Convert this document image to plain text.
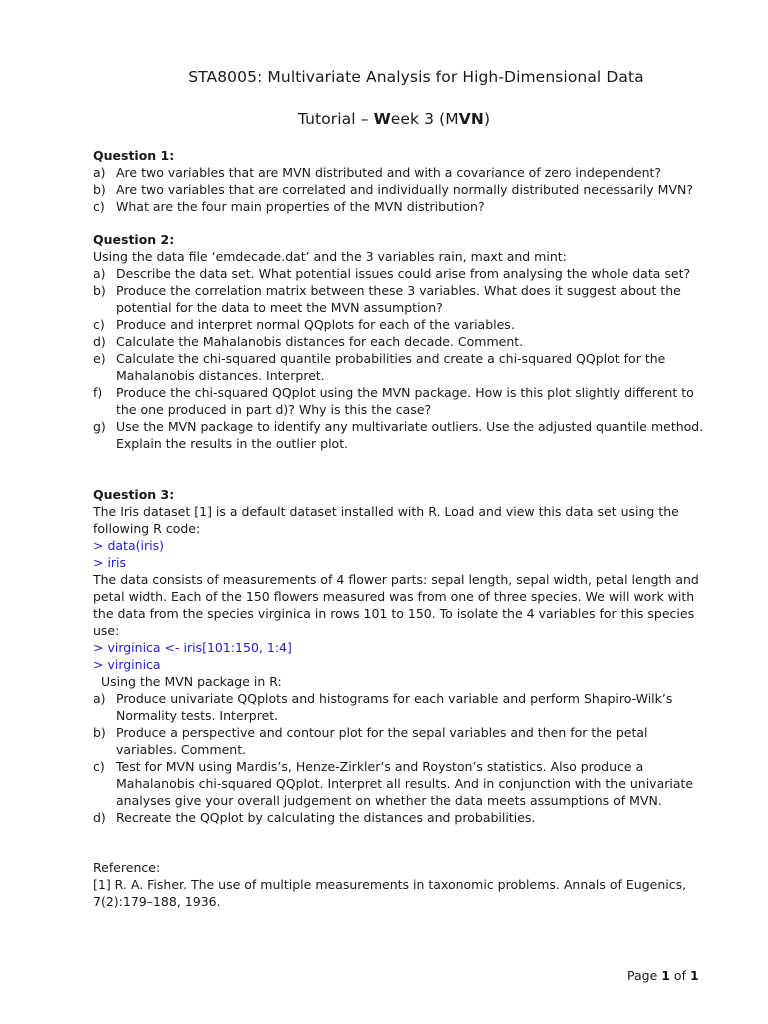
STA8005: Multivariate Analysis for High-Dimensional Data
Tutorial – Week 3 (MVN)
Question 1:
a) Are two variables that are MVN distributed and with a covariance of zero independent?
b) Are two variables that are correlated and individually normally distributed necessarily MVN?
c) What are the four main properties of the MVN distribution?
Question 2:
Using the data file ‘emdecade.dat’ and the 3 variables rain, maxt and mint:
a) Describe the data set. What potential issues could arise from analysing the whole data set?
b) Produce the correlation matrix between these 3 variables. What does it suggest about the potential for the data to meet the MVN assumption?
c) Produce and interpret normal QQplots for each of the variables.
d) Calculate the Mahalanobis distances for each decade. Comment.
e) Calculate the chi-squared quantile probabilities and create a chi-squared QQplot for the Mahalanobis distances. Interpret.
f) Produce the chi-squared QQplot using the MVN package. How is this plot slightly different to the one produced in part d)? Why is this the case?
g) Use the MVN package to identify any multivariate outliers. Use the adjusted quantile method. Explain the results in the outlier plot.
Question 3:
The Iris dataset [1] is a default dataset installed with R. Load and view this data set using the following R code:
> data(iris)
> iris
The data consists of measurements of 4 flower parts: sepal length, sepal width, petal length and petal width. Each of the 150 flowers measured was from one of three species. We will work with the data from the species virginica in rows 101 to 150. To isolate the 4 variables for this species use:
> virginica <- iris[101:150, 1:4]
> virginica
Using the MVN package in R:
a) Produce univariate QQplots and histograms for each variable and perform Shapiro-Wilk’s Normality tests. Interpret.
b) Produce a perspective and contour plot for the sepal variables and then for the petal variables. Comment.
c) Test for MVN using Mardis’s, Henze-Zirkler’s and Royston’s statistics. Also produce a Mahalanobis chi-squared QQplot. Interpret all results. And in conjunction with the univariate analyses give your overall judgement on whether the data meets assumptions of MVN.
d) Recreate the QQplot by calculating the distances and probabilities.
Reference:
[1] R. A. Fisher. The use of multiple measurements in taxonomic problems. Annals of Eugenics, 7(2):179–188, 1936.
Page 1 of 1
